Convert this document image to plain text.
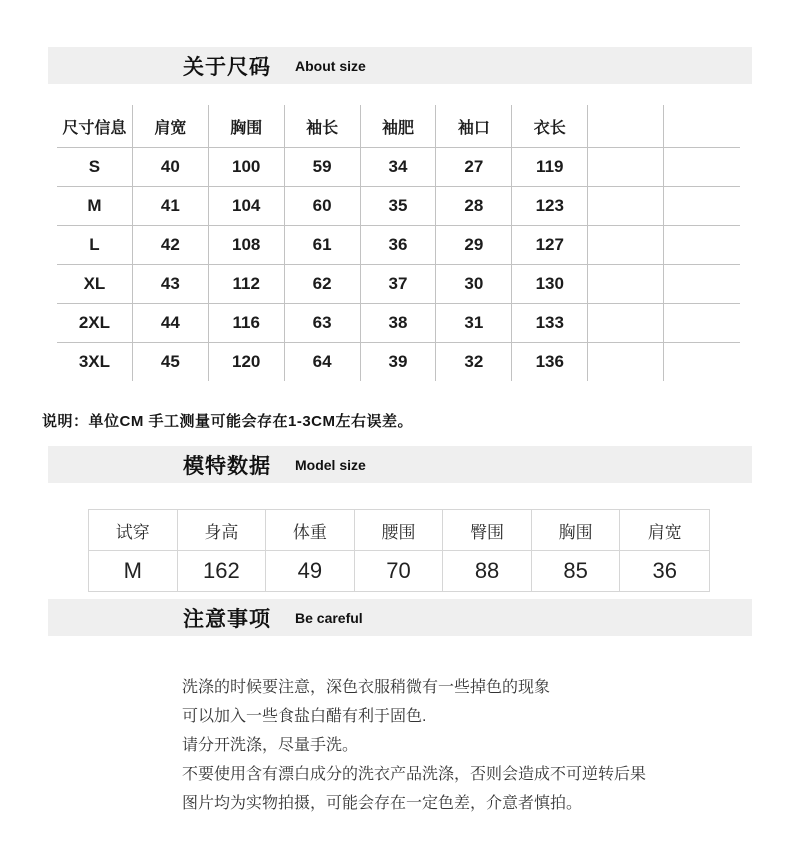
关于尺码 About size
尺寸信息	肩宽	胸围	袖长	袖肥	袖口	衣长
S	40	100	59	34	27	119
M	41	104	60	35	28	123
L	42	108	61	36	29	127
XL	43	112	62	37	30	130
2XL	44	116	63	38	31	133
3XL	45	120	64	39	32	136
说明：单位CM 手工测量可能会存在1-3CM左右误差。
模特数据 Model size
试穿	身高	体重	腰围	臀围	胸围	肩宽
M	162	49	70	88	85	36
注意事项 Be careful
洗涤的时候要注意，深色衣服稍微有一些掉色的现象
可以加入一些食盐白醋有利于固色.
请分开洗涤，尽量手洗。
不要使用含有漂白成分的洗衣产品洗涤，否则会造成不可逆转后果
图片均为实物拍摄，可能会存在一定色差，介意者慎拍。
